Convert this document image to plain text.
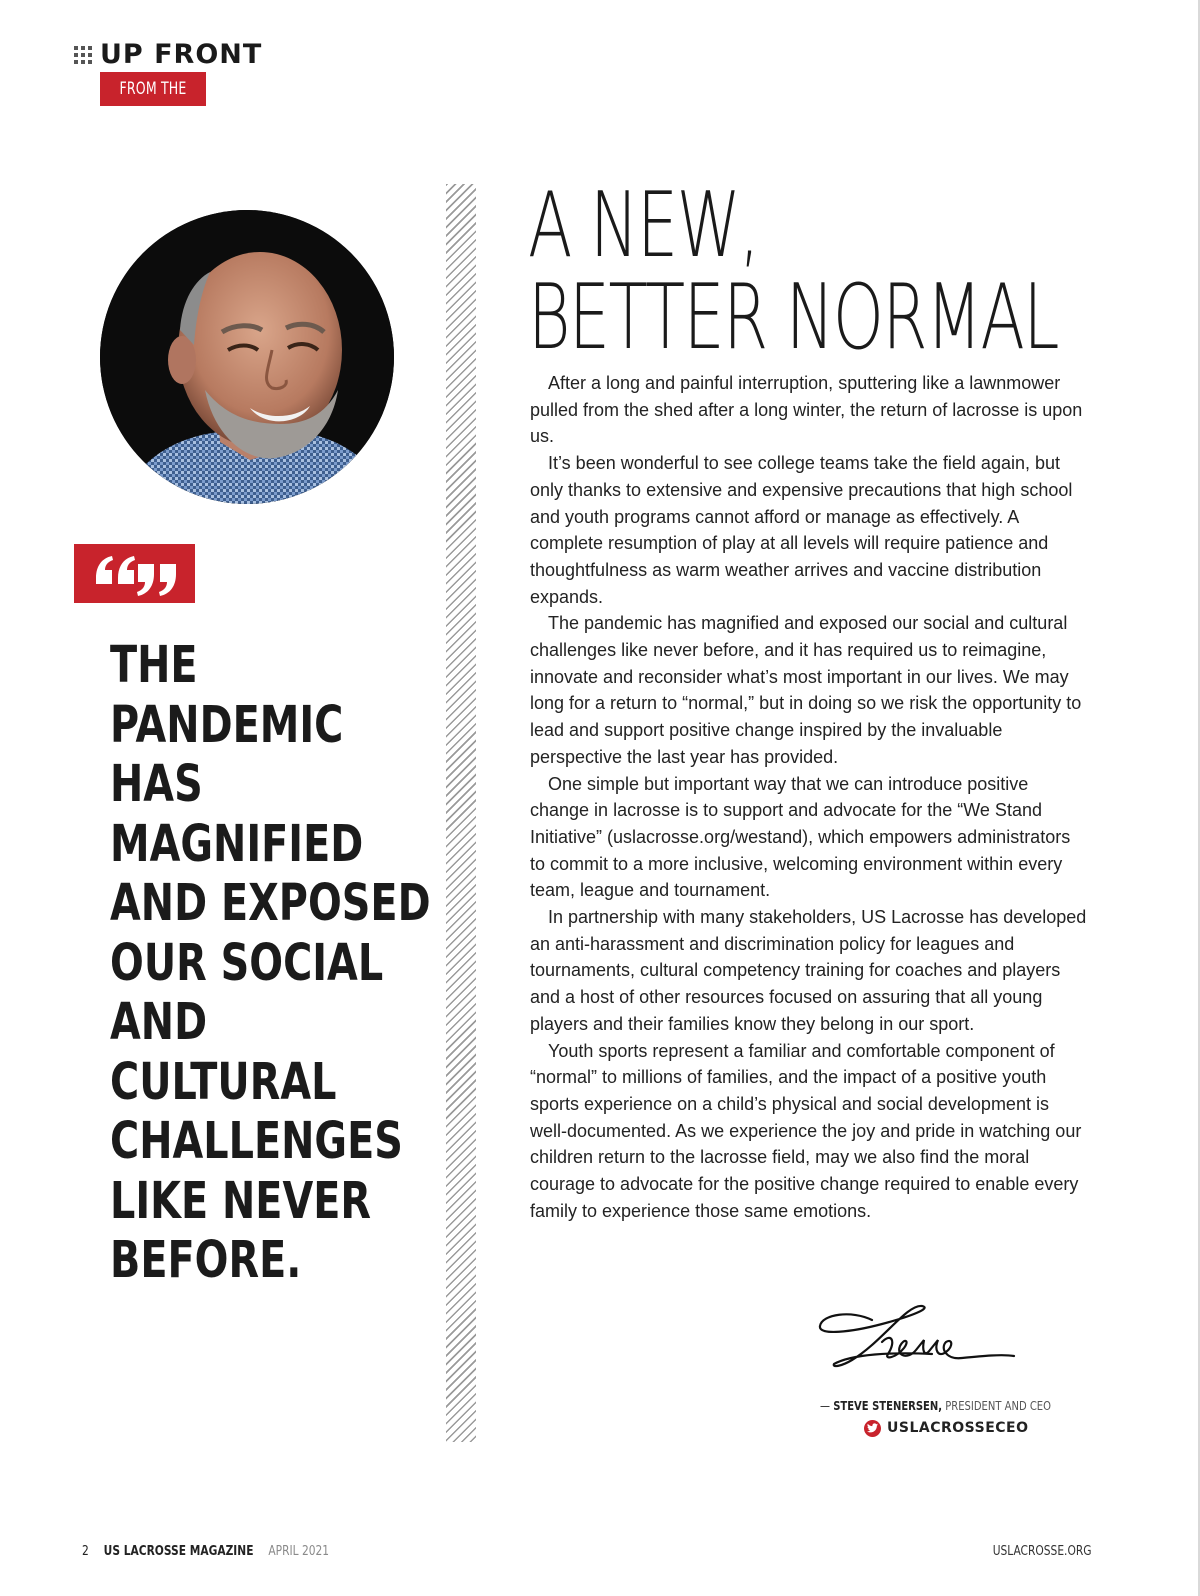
UP FRONT
FROM THE CEO
THE PANDEMIC HAS MAGNIFIED AND EXPOSED OUR SOCIAL AND CULTURAL CHALLENGES LIKE NEVER BEFORE.
A NEW,
BETTER NORMAL

After a long and painful interruption, sputtering like a lawnmower pulled from the shed after a long winter, the return of lacrosse is upon us.

It’s been wonderful to see college teams take the field again, but only thanks to extensive and expensive precautions that high school and youth programs cannot afford or manage as effectively. A complete resumption of play at all levels will require patience and thoughtfulness as warm weather arrives and vaccine distribution expands.

The pandemic has magnified and exposed our social and cultural challenges like never before, and it has required us to reimagine, innovate and reconsider what’s most important in our lives. We may long for a return to “normal,” but in doing so we risk the opportunity to lead and support positive change inspired by the invaluable perspective the last year has provided.

One simple but important way that we can introduce positive change in lacrosse is to support and advocate for the “We Stand Initiative” (uslacrosse.org/westand), which empowers administrators to commit to a more inclusive, welcoming environment within every team, league and tournament.

In partnership with many stakeholders, US Lacrosse has developed an anti-harassment and discrimination policy for leagues and tournaments, cultural competency training for coaches and players and a host of other resources focused on assuring that all young players and their families know they belong in our sport.

Youth sports represent a familiar and comfortable component of “normal” to millions of families, and the impact of a positive youth sports experience on a child’s physical and social development is well-documented. As we experience the joy and pride in watching our children return to the lacrosse field, may we also find the moral courage to advocate for the positive change required to enable every family to experience those same emotions.

— STEVE STENERSEN, PRESIDENT AND CEO
USLACROSSECEO
2 US LACROSSE MAGAZINE APRIL 2021	USLACROSSE.ORG
